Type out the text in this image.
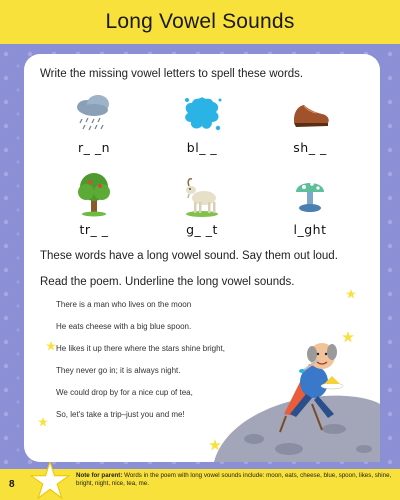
Long Vowel Sounds
Write the missing vowel letters to spell these words.
r_ _n	bl_ _	sh_ _
tr_ _	g_ _t	l_ght
These words have a long vowel sound. Say them out loud.
Read the poem. Underline the long vowel sounds.
There is a man who lives on the moon
He eats cheese with a big blue spoon.
He likes it up there where the stars shine bright,
They never go in; it is always night.
We could drop by for a nice cup of tea,
So, let's take a trip–just you and me!
8
Note for parent: Words in the poem with long vowel sounds include: moon, eats, cheese, blue, spoon, likes, shine, bright, night, nice, tea, me.
